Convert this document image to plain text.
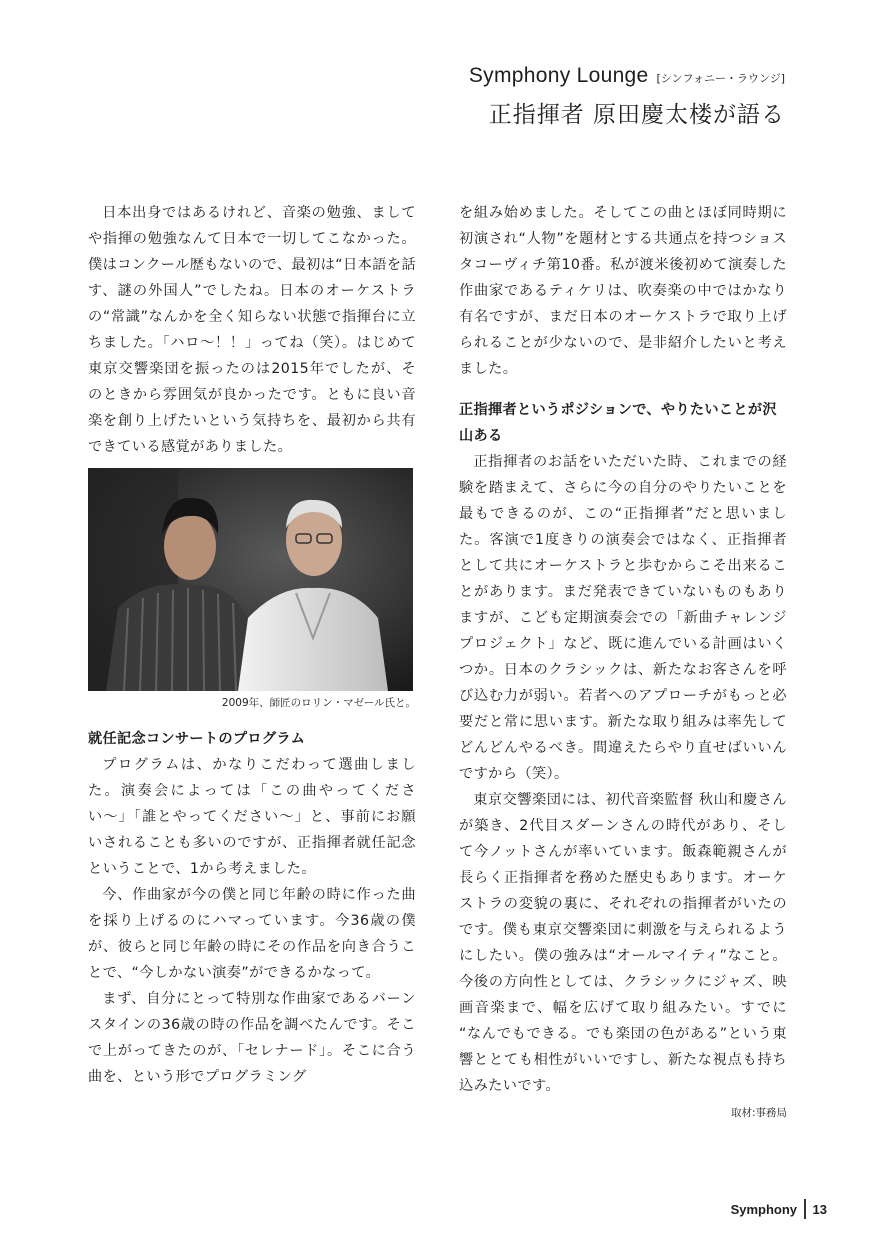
Symphony Lounge [シンフォニー・ラウンジ]
正指揮者 原田慶太楼が語る

日本出身ではあるけれど、音楽の勉強、ましてや指揮の勉強なんて日本で一切してこなかった。僕はコンクール歴もないので、最初は“日本語を話す、謎の外国人”でしたね。日本のオーケストラの“常識”なんかを全く知らない状態で指揮台に立ちました。「ハロ〜！！」ってね（笑）。はじめて東京交響楽団を振ったのは2015年でしたが、そのときから雰囲気が良かったです。ともに良い音楽を創り上げたいという気持ちを、最初から共有できている感覚がありました。

2009年、師匠のロリン・マゼール氏と。
就任記念コンサートのプログラム

プログラムは、かなりこだわって選曲しました。演奏会によっては「この曲やってください〜」「誰とやってください〜」と、事前にお願いされることも多いのですが、正指揮者就任記念ということで、1から考えました。

今、作曲家が今の僕と同じ年齢の時に作った曲を採り上げるのにハマっています。今36歳の僕が、彼らと同じ年齢の時にその作品を向き合うことで、“今しかない演奏”ができるかなって。

まず、自分にとって特別な作曲家であるバーンスタインの36歳の時の作品を調べたんです。そこで上がってきたのが、「セレナード」。そこに合う曲を、という形でプログラミング

を組み始めました。そしてこの曲とほぼ同時期に初演され“人物”を題材とする共通点を持つショスタコーヴィチ第10番。私が渡米後初めて演奏した作曲家であるティケリは、吹奏楽の中ではかなり有名ですが、まだ日本のオーケストラで取り上げられることが少ないので、是非紹介したいと考えました。

正指揮者というポジションで、やりたいことが沢山ある

正指揮者のお話をいただいた時、これまでの経験を踏まえて、さらに今の自分のやりたいことを最もできるのが、この“正指揮者”だと思いました。客演で1度きりの演奏会ではなく、正指揮者として共にオーケストラと歩むからこそ出来ることがあります。まだ発表できていないものもありますが、こども定期演奏会での「新曲チャレンジプロジェクト」など、既に進んでいる計画はいくつか。日本のクラシックは、新たなお客さんを呼び込む力が弱い。若者へのアプローチがもっと必要だと常に思います。新たな取り組みは率先してどんどんやるべき。間違えたらやり直せばいいんですから（笑）。

東京交響楽団には、初代音楽監督 秋山和慶さんが築き、2代目スダーンさんの時代があり、そして今ノットさんが率いています。飯森範親さんが長らく正指揮者を務めた歴史もあります。オーケストラの変貌の裏に、それぞれの指揮者がいたのです。僕も東京交響楽団に刺激を与えられるようにしたい。僕の強みは“オールマイティ”なこと。今後の方向性としては、クラシックにジャズ、映画音楽まで、幅を広げて取り組みたい。すでに “なんでもできる。でも楽団の色がある”という東響ととても相性がいいですし、新たな視点も持ち込みたいです。

取材:事務局
Symphony 13
